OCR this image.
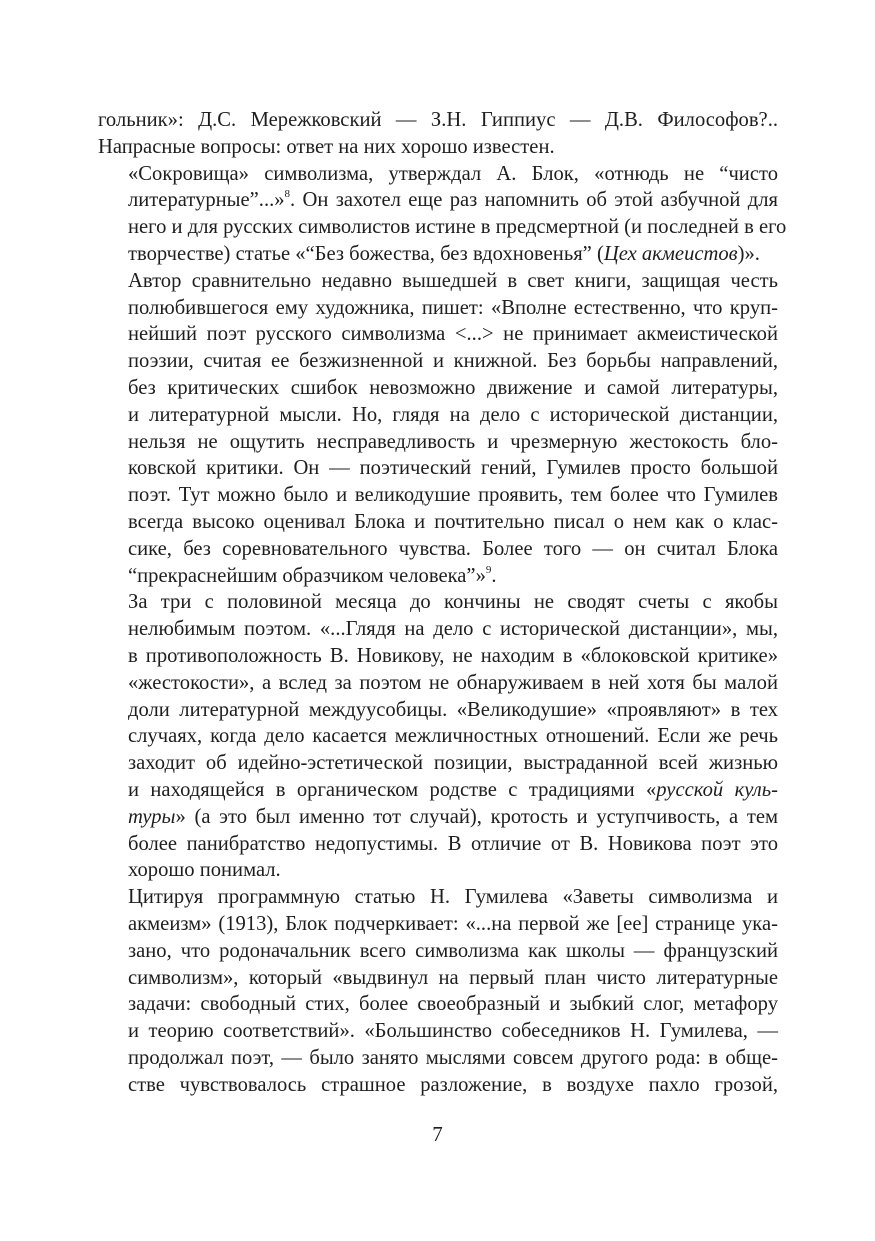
гольник»: Д.С. Мережковский — З.Н. Гиппиус — Д.В. Философов?..
Напрасные вопросы: ответ на них хорошо известен.

«Сокровища» символизма, утверждал А. Блок, «отнюдь не “чисто
литературные”...»$^8$. Он захотел еще раз напомнить об этой азбучной для
него и для русских символистов истине в предсмертной (и последней в его
творчестве) статье «“Без божества, без вдохновенья” (Цех акмеистов)».

Автор сравнительно недавно вышедшей в свет книги, защищая честь
полюбившегося ему художника, пишет: «Вполне естественно, что круп-
нейший поэт русского символизма <...> не принимает акмеистической
поэзии, считая ее безжизненной и книжной. Без борьбы направлений,
без критических сшибок невозможно движение и самой литературы,
и литературной мысли. Но, глядя на дело с исторической дистанции,
нельзя не ощутить несправедливость и чрезмерную жестокость бло-
ковской критики. Он — поэтический гений, Гумилев просто большой
поэт. Тут можно было и великодушие проявить, тем более что Гумилев
всегда высоко оценивал Блока и почтительно писал о нем как о клас-
сике, без соревновательного чувства. Более того — он считал Блока
“прекраснейшим образчиком человека”»$^9$.

За три с половиной месяца до кончины не сводят счеты с якобы
нелюбимым поэтом. «...Глядя на дело с исторической дистанции», мы,
в противоположность В. Новикову, не находим в «блоковской критике»
«жестокости», а вслед за поэтом не обнаруживаем в ней хотя бы малой
доли литературной междуусобицы. «Великодушие» «проявляют» в тех
случаях, когда дело касается межличностных отношений. Если же речь
заходит об идейно-эстетической позиции, выстраданной всей жизнью
и находящейся в органическом родстве с традициями «русской куль-
туры» (а это был именно тот случай), кротость и уступчивость, а тем
более панибратство недопустимы. В отличие от В. Новикова поэт это
хорошо понимал.

Цитируя программную статью Н. Гумилева «Заветы символизма и
акмеизм» (1913), Блок подчеркивает: «...на первой же [ее] странице ука-
зано, что родоначальник всего символизма как школы — французский
символизм», который «выдвинул на первый план чисто литературные
задачи: свободный стих, более своеобразный и зыбкий слог, метафору
и теорию соответствий». «Большинство собеседников Н. Гумилева, —
продолжал поэт, — было занято мыслями совсем другого рода: в обще-
стве чувствовалось страшное разложение, в воздухе пахло грозой,

7
